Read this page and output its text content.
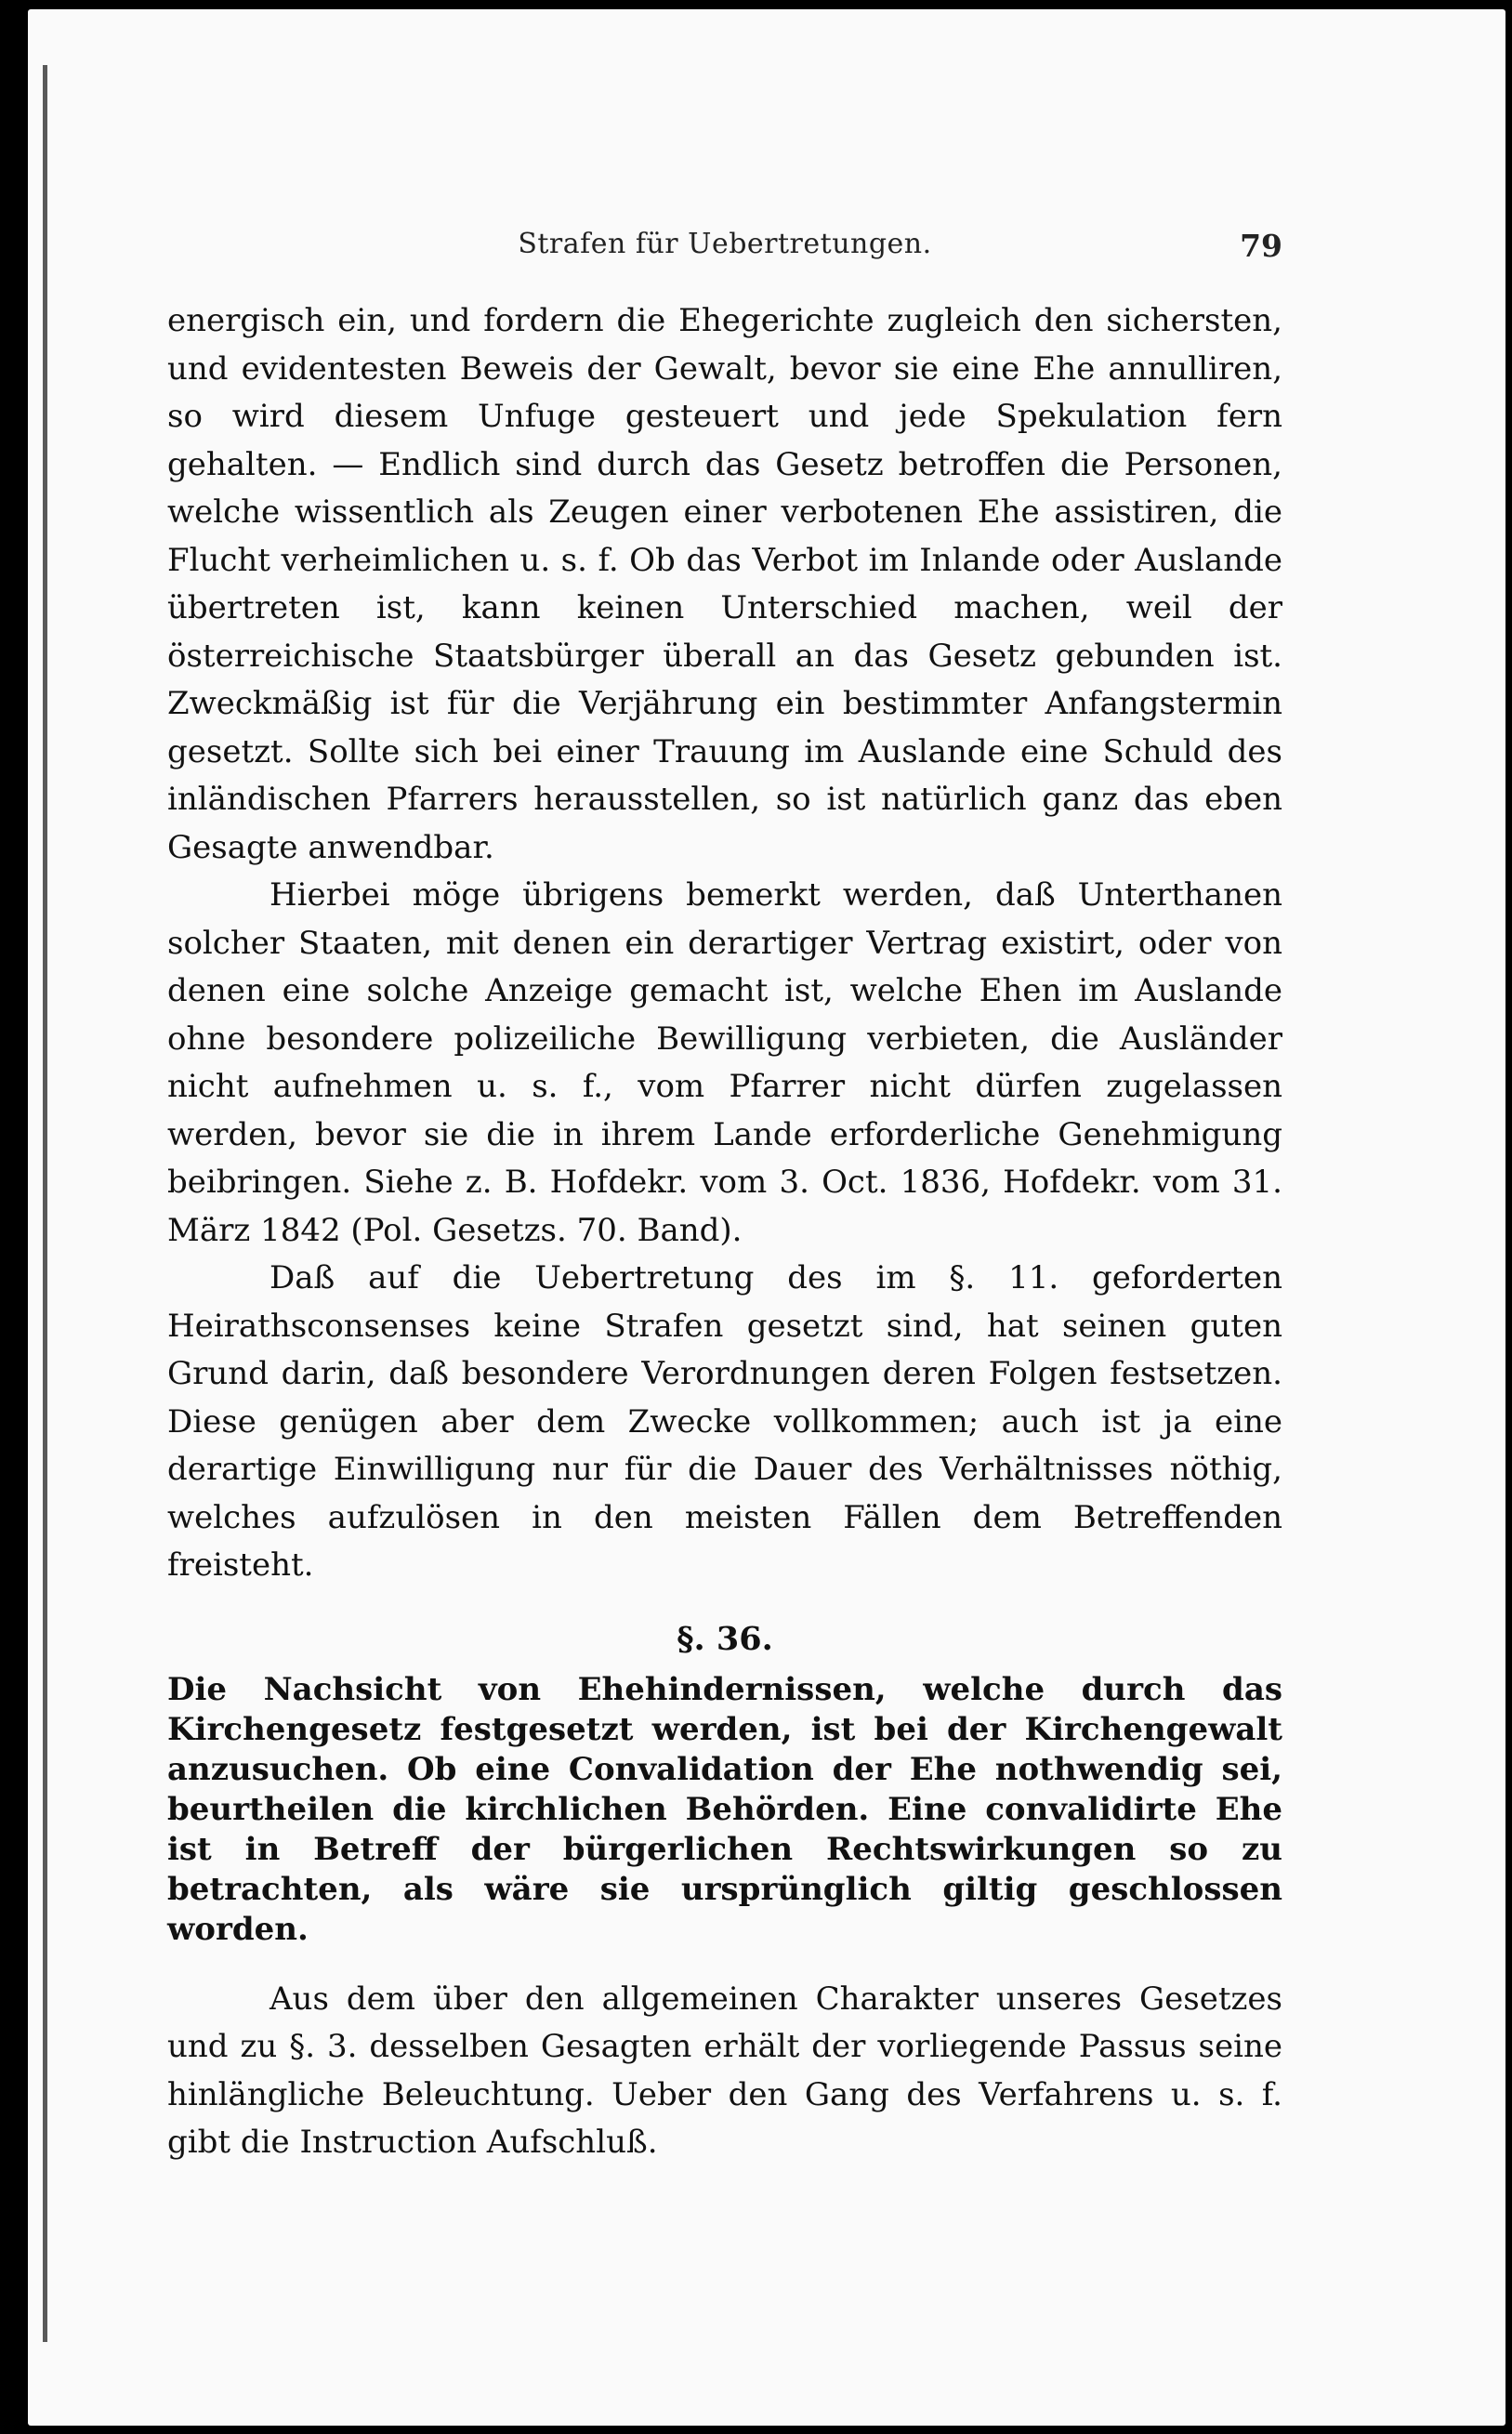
Strafen für Uebertretungen.	79

energisch ein, und fordern die Ehegerichte zugleich den sichersten, und evidentesten Beweis der Gewalt, bevor sie eine Ehe annulliren, so wird diesem Unfuge gesteuert und jede Spekulation fern gehalten. — Endlich sind durch das Gesetz betroffen die Personen, welche wissentlich als Zeugen einer verbotenen Ehe assistiren, die Flucht verheimlichen u. s. f. Ob das Verbot im Inlande oder Auslande übertreten ist, kann keinen Unterschied machen, weil der österreichische Staatsbürger überall an das Gesetz gebunden ist. Zweckmäßig ist für die Verjährung ein bestimmter Anfangstermin gesetzt. Sollte sich bei einer Trauung im Auslande eine Schuld des inländischen Pfarrers herausstellen, so ist natürlich ganz das eben Gesagte anwendbar.

Hierbei möge übrigens bemerkt werden, daß Unterthanen solcher Staaten, mit denen ein derartiger Vertrag existirt, oder von denen eine solche Anzeige gemacht ist, welche Ehen im Auslande ohne besondere polizeiliche Bewilligung verbieten, die Ausländer nicht aufnehmen u. s. f., vom Pfarrer nicht dürfen zugelassen werden, bevor sie die in ihrem Lande erforderliche Genehmigung beibringen. Siehe z. B. Hofdekr. vom 3. Oct. 1836, Hofdekr. vom 31. März 1842 (Pol. Gesetzs. 70. Band).

Daß auf die Uebertretung des im §. 11. geforderten Heirathsconsenses keine Strafen gesetzt sind, hat seinen guten Grund darin, daß besondere Verordnungen deren Folgen festsetzen. Diese genügen aber dem Zwecke vollkommen; auch ist ja eine derartige Einwilligung nur für die Dauer des Verhältnisses nöthig, welches aufzulösen in den meisten Fällen dem Betreffenden freisteht.

§. 36.

Die Nachsicht von Ehehindernissen, welche durch das Kirchengesetz festgesetzt werden, ist bei der Kirchengewalt anzusuchen. Ob eine Convalidation der Ehe nothwendig sei, beurtheilen die kirchlichen Behörden. Eine convalidirte Ehe ist in Betreff der bürgerlichen Rechtswirkungen so zu betrachten, als wäre sie ursprünglich giltig geschlossen worden.

Aus dem über den allgemeinen Charakter unseres Gesetzes und zu §. 3. desselben Gesagten erhält der vorliegende Passus seine hinlängliche Beleuchtung. Ueber den Gang des Verfahrens u. s. f. gibt die Instruction Aufschluß.
